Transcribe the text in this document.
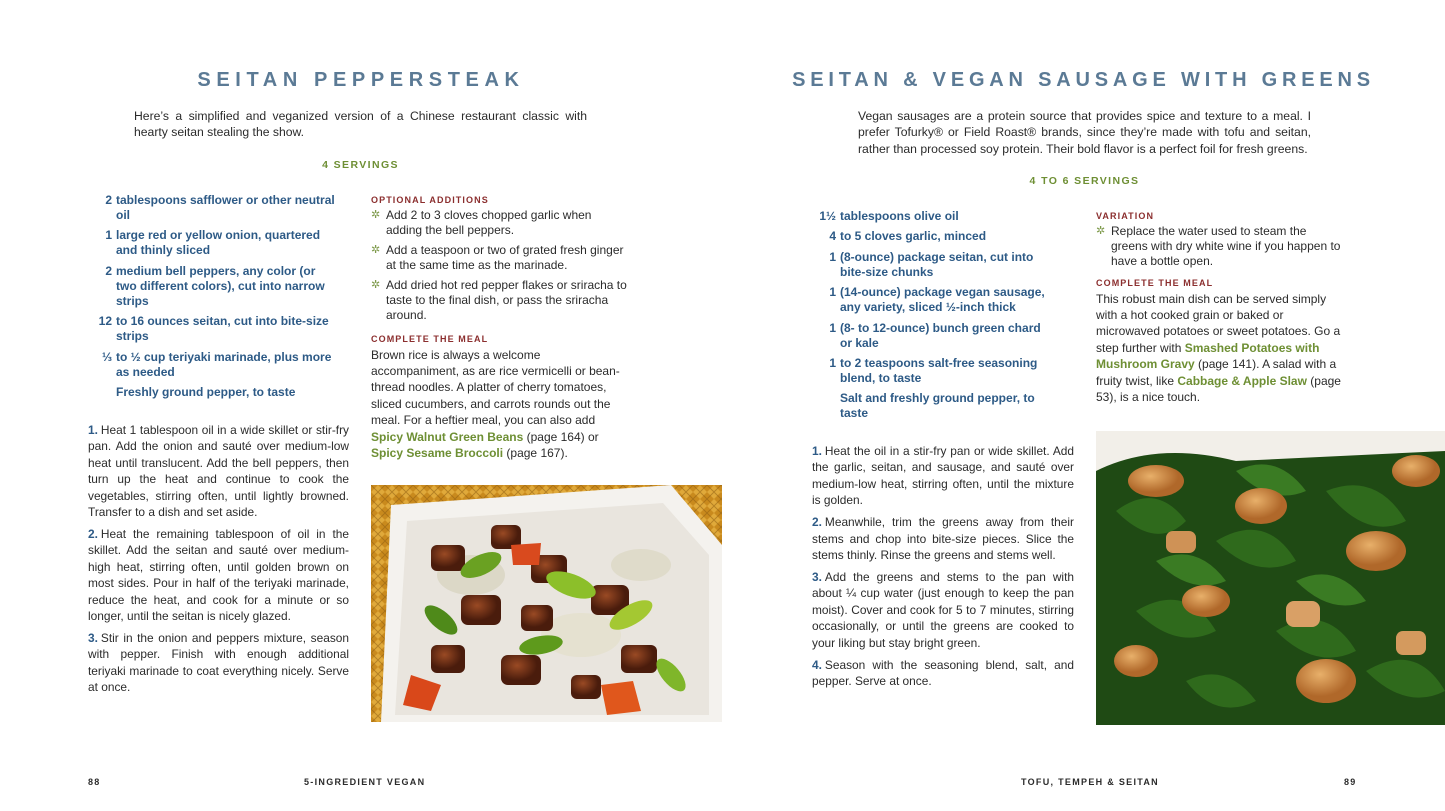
SEITAN PEPPERSTEAK

Here’s a simplified and veganized version of a Chinese restaurant classic with hearty seitan stealing the show.

4 SERVINGS
2 tablespoons safflower or other neutral oil
1 large red or yellow onion, quartered and thinly sliced
2 medium bell peppers, any color (or two different colors), cut into narrow strips
12 to 16 ounces seitan, cut into bite-size strips
⅓ to ½ cup teriyaki marinade, plus more as needed
Freshly ground pepper, to taste
1. Heat 1 tablespoon oil in a wide skillet or stir-fry pan. Add the onion and sauté over medium-low heat until translucent. Add the bell peppers, then turn up the heat and continue to cook the vegetables, stirring often, until lightly browned. Transfer to a dish and set aside.
2. Heat the remaining tablespoon of oil in the skillet. Add the seitan and sauté over medium-high heat, stirring often, until golden brown on most sides. Pour in half of the teriyaki marinade, reduce the heat, and cook for a minute or so longer, until the seitan is nicely glazed.
3. Stir in the onion and peppers mixture, season with pepper. Finish with enough additional teriyaki marinade to coat everything nicely. Serve at once.
OPTIONAL ADDITIONS
✲ Add 2 to 3 cloves chopped garlic when adding the bell peppers.
✲ Add a teaspoon or two of grated fresh ginger at the same time as the marinade.
✲ Add dried hot red pepper flakes or sriracha to taste to the final dish, or pass the sriracha around.
COMPLETE THE MEAL

Brown rice is always a welcome accompaniment, as are rice vermicelli or bean-thread noodles. A platter of cherry tomatoes, sliced cucumbers, and carrots rounds out the meal. For a heftier meal, you can also add Spicy Walnut Green Beans (page 164) or Spicy Sesame Broccoli (page 167).

88	5-INGREDIENT VEGAN
SEITAN & VEGAN SAUSAGE WITH GREENS

Vegan sausages are a protein source that provides spice and texture to a meal. I prefer Tofurky® or Field Roast® brands, since they’re made with tofu and seitan, rather than processed soy protein. Their bold flavor is a perfect foil for fresh greens.

4 TO 6 SERVINGS
1½ tablespoons olive oil
4 to 5 cloves garlic, minced
1 (8-ounce) package seitan, cut into bite-size chunks
1 (14-ounce) package vegan sausage, any variety, sliced ½-inch thick
1 (8- to 12-ounce) bunch green chard or kale
1 to 2 teaspoons salt-free seasoning blend, to taste
Salt and freshly ground pepper, to taste
1. Heat the oil in a stir-fry pan or wide skillet. Add the garlic, seitan, and sausage, and sauté over medium-low heat, stirring often, until the mixture is golden.
2. Meanwhile, trim the greens away from their stems and chop into bite-size pieces. Slice the stems thinly. Rinse the greens and stems well.
3. Add the greens and stems to the pan with about ¼ cup water (just enough to keep the pan moist). Cover and cook for 5 to 7 minutes, stirring occasionally, or until the greens are cooked to your liking but stay bright green.
4. Season with the seasoning blend, salt, and pepper. Serve at once.
VARIATION
✲ Replace the water used to steam the greens with dry white wine if you happen to have a bottle open.
COMPLETE THE MEAL

This robust main dish can be served simply with a hot cooked grain or baked or microwaved potatoes or sweet potatoes. Go a step further with Smashed Potatoes with Mushroom Gravy (page 141). A salad with a fruity twist, like Cabbage & Apple Slaw (page 53), is a nice touch.

TOFU, TEMPEH & SEITAN	89
